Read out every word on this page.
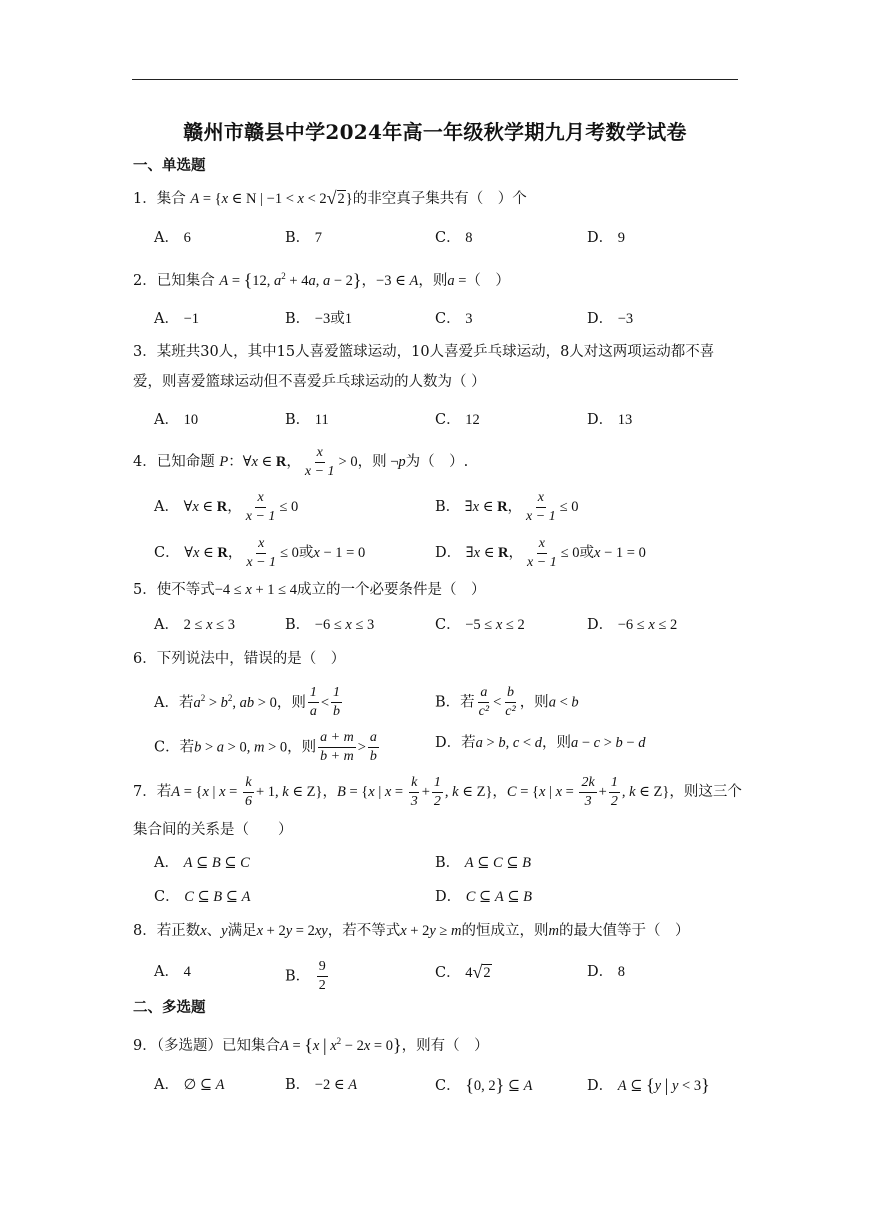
赣州市赣县中学2024年高一年级秋学期九月考数学试卷
一、单选题
1．集合 A = {x ∈ N | −1 < x < 2√2}的非空真子集共有（　）个
A． 6	B． 7	C． 8	D． 9
2．已知集合 A = {12, $a^2 + 4a$, a − 2}，−3 ∈ A，则a =（　）
A． −1	B． −3或1	C． 3	D． −3
3．某班共30人，其中15人喜爱篮球运动，10人喜爱乒乓球运动，8人对这两项运动都不喜爱，则喜爱篮球运动但不喜爱乒乓球运动的人数为（ ）
A． 10	B． 11	C． 12	D． 13
4．已知命题 P：∀x ∈ R， $\frac{x}{x - 1} > 0$，则 ¬p为（　）.
A． ∀x ∈ R， $\frac{x}{x - 1} \le 0$	B． ∃x ∈ R， $\frac{x}{x - 1} \le 0$
C． ∀x ∈ R， $\frac{x}{x - 1} \le 0$或x − 1 = 0	D． ∃x ∈ R， $\frac{x}{x - 1} \le 0$或x − 1 = 0
5．使不等式−4 ≤ x + 1 ≤ 4成立的一个必要条件是（　）
A． 2 ≤ x ≤ 3	B． −6 ≤ x ≤ 3	C． −5 ≤ x ≤ 2	D． −6 ≤ x ≤ 2
6．下列说法中，错误的是（　）
A．若$a^2 > b^2$, ab > 0，则 $\frac{1}{a} < \frac{1}{b}$	B．若 $\frac{a}{\text{c²}} < \frac{b}{\text{c²}}$ ，则a < b
C．若b > a > 0, m > 0，则 $\frac{a + m}{b + m} > \frac{a}{b}$	D．若a > b, c < d，则a − c > b − d
7．若A = {x | $x = \frac{k}{6} + 1$, k ∈ Z}，B = {x | $x = \frac{k}{3} + \frac{1}{2}$ , k ∈ Z}，C = {x | $x = \frac{2k}{3} + \frac{1}{2}$ , k ∈ Z}，则这三个集合间的关系是（　　）
A． A ⊆ B ⊆ C	B． A ⊆ C ⊆ B
C． C ⊆ B ⊆ A	D． C ⊆ A ⊆ B
8．若正数x、y满足x + 2y = 2xy，若不等式x + 2y ≥ m的恒成立，则m的最大值等于（　）
A． 4	B． $\frac{9}{2}$	C． 4√2	D． 8
二、多选题
9．（多选题）已知集合A = {x | $x^2 - 2x = 0$}，则有（　）
A． ∅ ⊆ A	B． −2 ∈ A	C． {0, 2} ⊆ A	D． A ⊆ {y | y < 3}
